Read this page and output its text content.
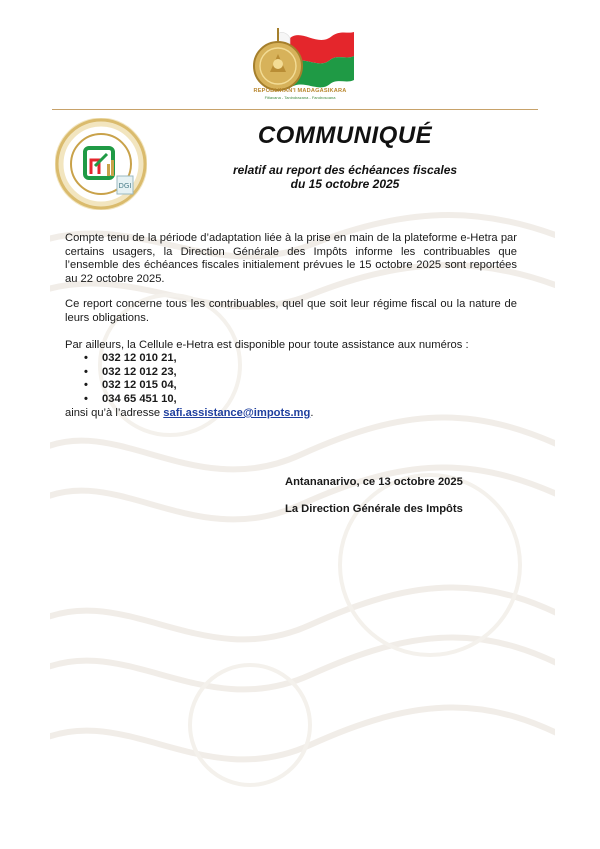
REPOBLIKAN'I MADAGASIKARA
Fitiavana - Tanindrazana - Fandrosoana
DGI
COMMUNIQUÉ
relatif au report des échéances fiscales
du 15 octobre 2025
Compte tenu de la période d’adaptation liée à la prise en main de la plateforme e-Hetra par certains usagers, la Direction Générale des Impôts informe les contribuables que l’ensemble des échéances fiscales initialement prévues le 15 octobre 2025 sont reportées au 22 octobre 2025.
Ce report concerne tous les contribuables, quel que soit leur régime fiscal ou la nature de leurs obligations.
Par ailleurs, la Cellule e-Hetra est disponible pour toute assistance aux numéros :
• 032 12 010 21,
• 032 12 012 23,
• 032 12 015 04,
• 034 65 451 10,
ainsi qu’à l’adresse safi.assistance@impots.mg.
Antananarivo, ce 13 octobre 2025
La Direction Générale des Impôts
